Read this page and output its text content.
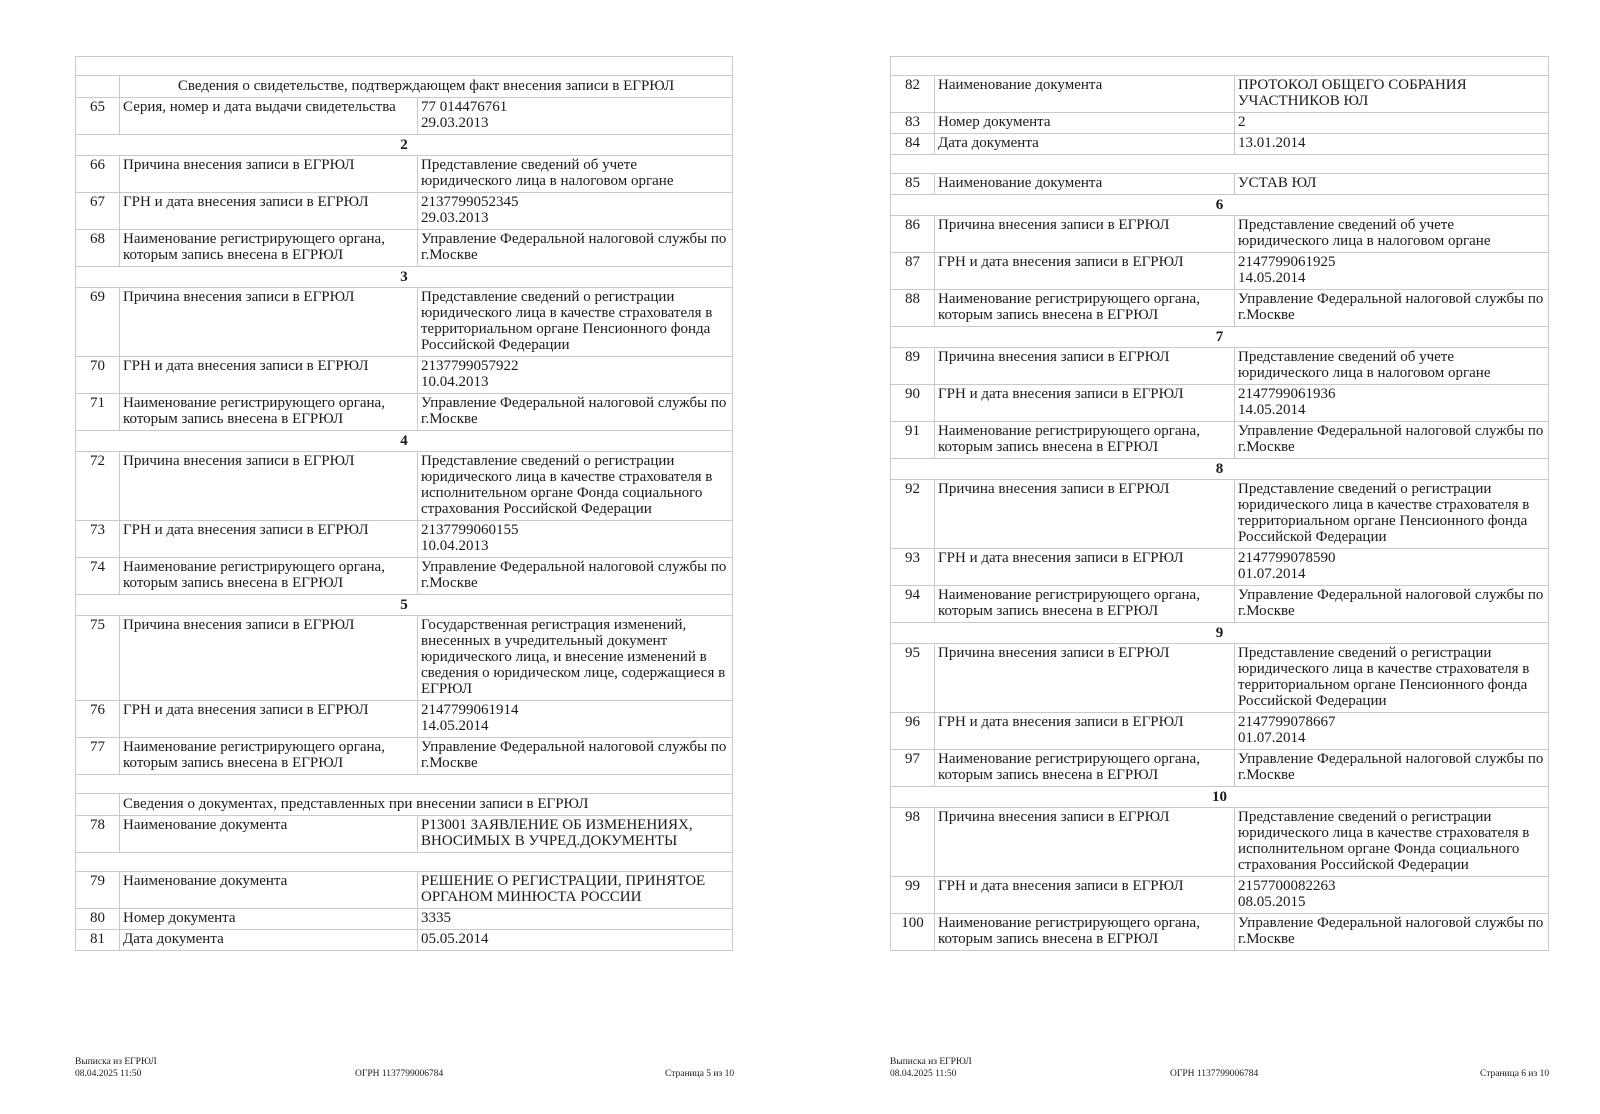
	Сведения о свидетельстве, подтверждающем факт внесения записи в ЕГРЮЛ	
65	Серия, номер и дата выдачи свидетельства	77 014476761
29.03.2013
2		
66	Причина внесения записи в ЕГРЮЛ	Представление сведений об учете юридического лица в налоговом органе
67	ГРН и дата внесения записи в ЕГРЮЛ	2137799052345
29.03.2013
68	Наименование регистрирующего органа, которым запись внесена в ЕГРЮЛ	Управление Федеральной налоговой службы по г.Москве
3		
69	Причина внесения записи в ЕГРЮЛ	Представление сведений о регистрации юридического лица в качестве страхователя в территориальном органе Пенсионного фонда Российской Федерации
70	ГРН и дата внесения записи в ЕГРЮЛ	2137799057922
10.04.2013
71	Наименование регистрирующего органа, которым запись внесена в ЕГРЮЛ	Управление Федеральной налоговой службы по г.Москве
4		
72	Причина внесения записи в ЕГРЮЛ	Представление сведений о регистрации юридического лица в качестве страхователя в исполнительном органе Фонда социального страхования Российской Федерации
73	ГРН и дата внесения записи в ЕГРЮЛ	2137799060155
10.04.2013
74	Наименование регистрирующего органа, которым запись внесена в ЕГРЮЛ	Управление Федеральной налоговой службы по г.Москве
5		
75	Причина внесения записи в ЕГРЮЛ	Государственная регистрация изменений, внесенных в учредительный документ юридического лица, и внесение изменений в сведения о юридическом лице, содержащиеся в ЕГРЮЛ
76	ГРН и дата внесения записи в ЕГРЮЛ	2147799061914
14.05.2014
77	Наименование регистрирующего органа, которым запись внесена в ЕГРЮЛ	Управление Федеральной налоговой службы по г.Москве

	Сведения о документах, представленных при внесении записи в ЕГРЮЛ	
78	Наименование документа	Р13001 ЗАЯВЛЕНИЕ ОБ ИЗМЕНЕНИЯХ, ВНОСИМЫХ В УЧРЕД.ДОКУМЕНТЫ

79	Наименование документа	РЕШЕНИЕ О РЕГИСТРАЦИИ, ПРИНЯТОЕ ОРГАНОМ МИНЮСТА РОССИИ
80	Номер документа	3335
81	Дата документа	05.05.2014
Выписка из ЕГРЮЛ
08.04.2025 11:50	ОГРН 1137799006784	Страница 5 из 10

82	Наименование документа	ПРОТОКОЛ ОБЩЕГО СОБРАНИЯ УЧАСТНИКОВ ЮЛ
83	Номер документа	2
84	Дата документа	13.01.2014

85	Наименование документа	УСТАВ ЮЛ
6		
86	Причина внесения записи в ЕГРЮЛ	Представление сведений об учете юридического лица в налоговом органе
87	ГРН и дата внесения записи в ЕГРЮЛ	2147799061925
14.05.2014
88	Наименование регистрирующего органа, которым запись внесена в ЕГРЮЛ	Управление Федеральной налоговой службы по г.Москве
7		
89	Причина внесения записи в ЕГРЮЛ	Представление сведений об учете юридического лица в налоговом органе
90	ГРН и дата внесения записи в ЕГРЮЛ	2147799061936
14.05.2014
91	Наименование регистрирующего органа, которым запись внесена в ЕГРЮЛ	Управление Федеральной налоговой службы по г.Москве
8		
92	Причина внесения записи в ЕГРЮЛ	Представление сведений о регистрации юридического лица в качестве страхователя в территориальном органе Пенсионного фонда Российской Федерации
93	ГРН и дата внесения записи в ЕГРЮЛ	2147799078590
01.07.2014
94	Наименование регистрирующего органа, которым запись внесена в ЕГРЮЛ	Управление Федеральной налоговой службы по г.Москве
9		
95	Причина внесения записи в ЕГРЮЛ	Представление сведений о регистрации юридического лица в качестве страхователя в территориальном органе Пенсионного фонда Российской Федерации
96	ГРН и дата внесения записи в ЕГРЮЛ	2147799078667
01.07.2014
97	Наименование регистрирующего органа, которым запись внесена в ЕГРЮЛ	Управление Федеральной налоговой службы по г.Москве
10		
98	Причина внесения записи в ЕГРЮЛ	Представление сведений о регистрации юридического лица в качестве страхователя в исполнительном органе Фонда социального страхования Российской Федерации
99	ГРН и дата внесения записи в ЕГРЮЛ	2157700082263
08.05.2015
100	Наименование регистрирующего органа, которым запись внесена в ЕГРЮЛ	Управление Федеральной налоговой службы по г.Москве
Выписка из ЕГРЮЛ
08.04.2025 11:50	ОГРН 1137799006784	Страница 6 из 10
